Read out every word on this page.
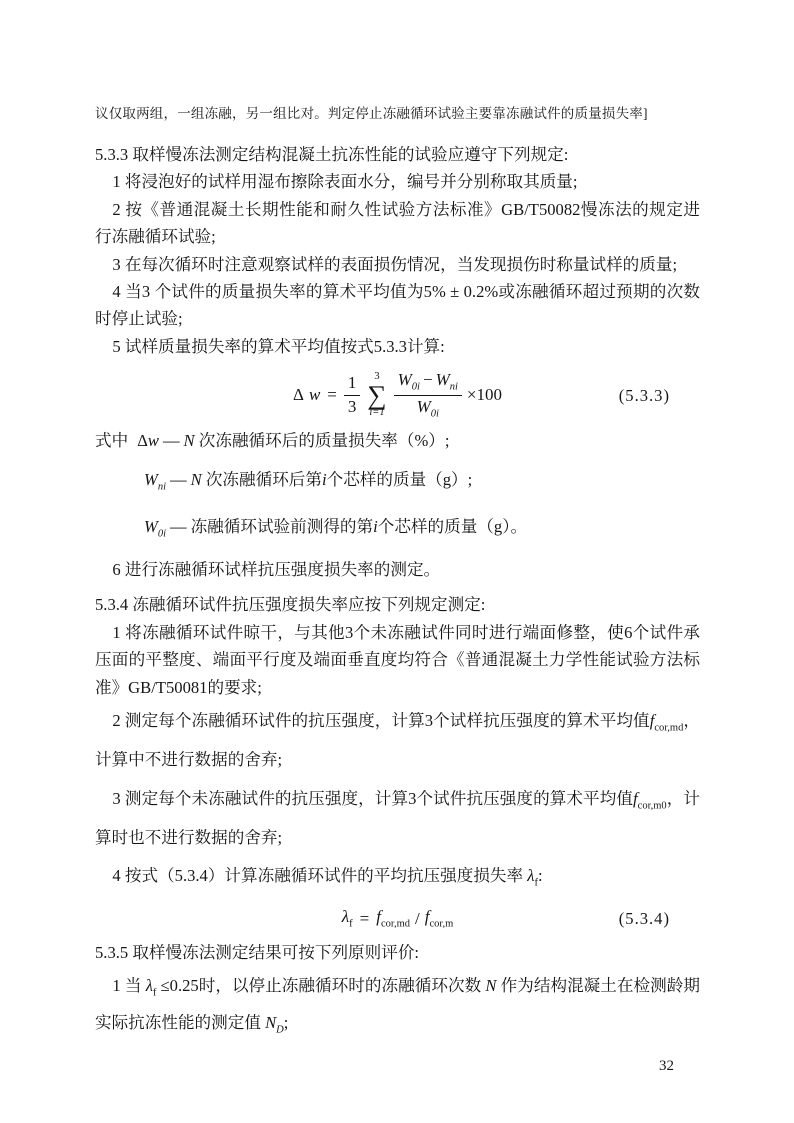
议仅取两组，一组冻融，另一组比对。判定停止冻融循环试验主要靠冻融试件的质量损失率]

5.3.3 取样慢冻法测定结构混凝土抗冻性能的试验应遵守下列规定:

1 将浸泡好的试样用湿布擦除表面水分，编号并分别称取其质量;

2 按《普通混凝土长期性能和耐久性试验方法标准》GB/T50082慢冻法的规定进行冻融循环试验;

3 在每次循环时注意观察试样的表面损伤情况，当发现损伤时称量试样的质量;

4 当3 个试件的质量损失率的算术平均值为5% ± 0.2%或冻融循环超过预期的次数时停止试验;

5 试样质量损失率的算术平均值按式5.3.3计算:

Δ $w = \frac{1}{3} 3$
∑
$i=1 \frac{W_{0i} - W_{ni}}{W_{0i}} \times 100$	(5.3.3)

式中 Δw — N 次冻融循环后的质量损失率（%）;

$W_{ni}$ — N 次冻融循环后第i个芯样的质量（g）;

$W_{0i}$ — 冻融循环试验前测得的第i个芯样的质量（g）。

6 进行冻融循环试样抗压强度损失率的测定。

5.3.4 冻融循环试件抗压强度损失率应按下列规定测定:

1 将冻融循环试件晾干，与其他3个未冻融试件同时进行端面修整，使6个试件承压面的平整度、端面平行度及端面垂直度均符合《普通混凝土力学性能试验方法标准》GB/T50081的要求;

2 测定每个冻融循环试件的抗压强度，计算3个试样抗压强度的算术平均值$f_{cor,md}$，计算中不进行数据的舍弃;

3 测定每个未冻融试件的抗压强度，计算3个试件抗压强度的算术平均值$f_{cor,m0}$，计算时也不进行数据的舍弃;

4 按式（5.3.4）计算冻融循环试件的平均抗压强度损失率 $\lambda_f$:

$\lambda_f = f_{cor,md} / f_{cor,m}$	(5.3.4)

5.3.5 取样慢冻法测定结果可按下列原则评价:

1 当 $\lambda_f \le 0.25$时，以停止冻融循环时的冻融循环次数 N 作为结构混凝土在检测龄期实际抗冻性能的测定值 $N_D$;

32
